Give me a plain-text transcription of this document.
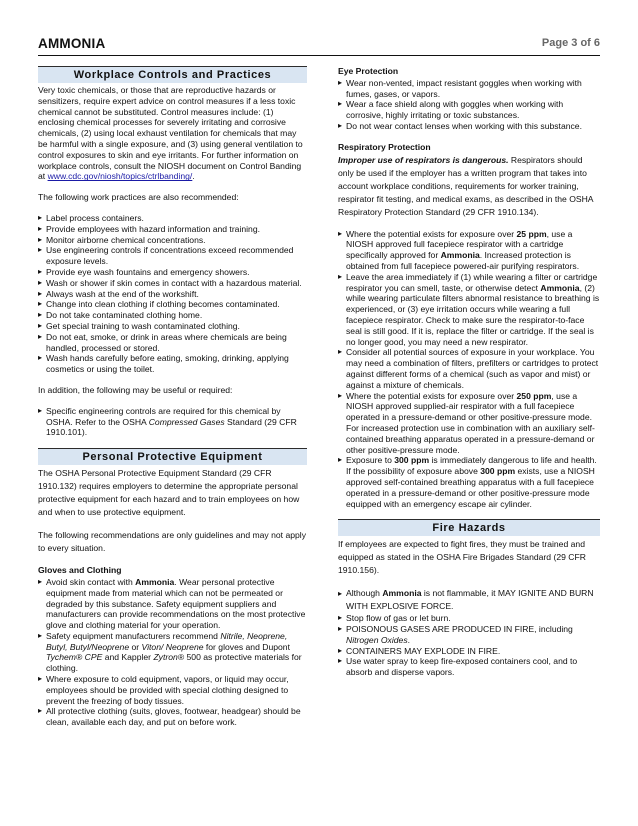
AMMONIA	Page 3 of 6
Workplace Controls and Practices

Very toxic chemicals, or those that are reproductive hazards or sensitizers, require expert advice on control measures if a less toxic chemical cannot be substituted. Control measures include: (1) enclosing chemical processes for severely irritating and corrosive chemicals, (2) using local exhaust ventilation for chemicals that may be harmful with a single exposure, and (3) using general ventilation to control exposures to skin and eye irritants. For further information on workplace controls, consult the NIOSH document on Control Banding at www.cdc.gov/niosh/topics/ctrlbanding/.

The following work practices are also recommended:

▸ Label process containers.
▸ Provide employees with hazard information and training.
▸ Monitor airborne chemical concentrations.
▸ Use engineering controls if concentrations exceed recommended exposure levels.
▸ Provide eye wash fountains and emergency showers.
▸ Wash or shower if skin comes in contact with a hazardous material.
▸ Always wash at the end of the workshift.
▸ Change into clean clothing if clothing becomes contaminated.
▸ Do not take contaminated clothing home.
▸ Get special training to wash contaminated clothing.
▸ Do not eat, smoke, or drink in areas where chemicals are being handled, processed or stored.
▸ Wash hands carefully before eating, smoking, drinking, applying cosmetics or using the toilet.

In addition, the following may be useful or required:

▸ Specific engineering controls are required for this chemical by OSHA. Refer to the OSHA Compressed Gases Standard (29 CFR 1910.101).
Personal Protective Equipment

The OSHA Personal Protective Equipment Standard (29 CFR 1910.132) requires employers to determine the appropriate personal protective equipment for each hazard and to train employees on how and when to use protective equipment.

The following recommendations are only guidelines and may not apply to every situation.

Gloves and Clothing
▸ Avoid skin contact with Ammonia. Wear personal protective equipment made from material which can not be permeated or degraded by this substance. Safety equipment suppliers and manufacturers can provide recommendations on the most protective glove and clothing material for your operation.
▸ Safety equipment manufacturers recommend Nitrile, Neoprene, Butyl, Butyl/Neoprene or Viton/ Neoprene for gloves and Dupont Tychem® CPE and Kappler Zytron® 500 as protective materials for clothing.
▸ Where exposure to cold equipment, vapors, or liquid may occur, employees should be provided with special clothing designed to prevent the freezing of body tissues.
▸ All protective clothing (suits, gloves, footwear, headgear) should be clean, available each day, and put on before work.
Eye Protection
▸ Wear non-vented, impact resistant goggles when working with fumes, gases, or vapors.
▸ Wear a face shield along with goggles when working with corrosive, highly irritating or toxic substances.
▸ Do not wear contact lenses when working with this substance.
Respiratory Protection

Improper use of respirators is dangerous. Respirators should only be used if the employer has a written program that takes into account workplace conditions, requirements for worker training, respirator fit testing, and medical exams, as described in the OSHA Respiratory Protection Standard (29 CFR 1910.134).

▸ Where the potential exists for exposure over 25 ppm, use a NIOSH approved full facepiece respirator with a cartridge specifically approved for Ammonia. Increased protection is obtained from full facepiece powered-air purifying respirators.
▸ Leave the area immediately if (1) while wearing a filter or cartridge respirator you can smell, taste, or otherwise detect Ammonia, (2) while wearing particulate filters abnormal resistance to breathing is experienced, or (3) eye irritation occurs while wearing a full facepiece respirator. Check to make sure the respirator-to-face seal is still good. If it is, replace the filter or cartridge. If the seal is no longer good, you may need a new respirator.
▸ Consider all potential sources of exposure in your workplace. You may need a combination of filters, prefilters or cartridges to protect against different forms of a chemical (such as vapor and mist) or against a mixture of chemicals.
▸ Where the potential exists for exposure over 250 ppm, use a NIOSH approved supplied-air respirator with a full facepiece operated in a pressure-demand or other positive-pressure mode. For increased protection use in combination with an auxiliary self-contained breathing apparatus operated in a pressure-demand or other positive-pressure mode.
▸ Exposure to 300 ppm is immediately dangerous to life and health. If the possibility of exposure above 300 ppm exists, use a NIOSH approved self-contained breathing apparatus with a full facepiece operated in a pressure-demand or other positive-pressure mode equipped with an emergency escape air cylinder.
Fire Hazards

If employees are expected to fight fires, they must be trained and equipped as stated in the OSHA Fire Brigades Standard (29 CFR 1910.156).

▸ Although Ammonia is not flammable, it MAY IGNITE AND BURN WITH EXPLOSIVE FORCE.
▸ Stop flow of gas or let burn.
▸ POISONOUS GASES ARE PRODUCED IN FIRE, including Nitrogen Oxides.
▸ CONTAINERS MAY EXPLODE IN FIRE.
▸ Use water spray to keep fire-exposed containers cool, and to absorb and disperse vapors.
